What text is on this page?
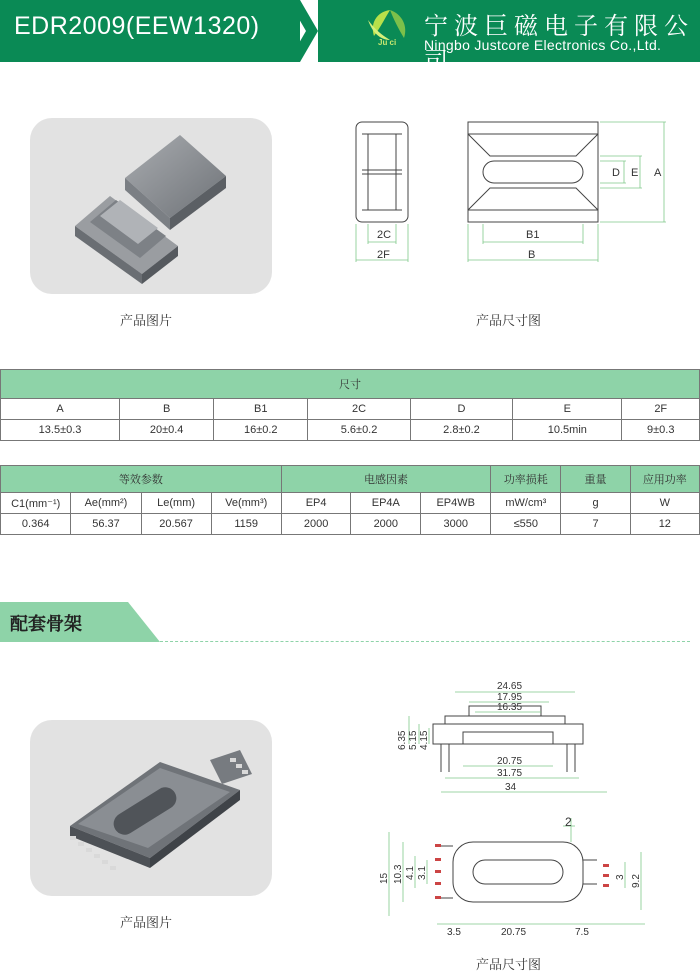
EDR2009(EEW1320)
Ju ci
宁波巨磁电子有限公司
Ningbo Justcore Electronics Co.,Ltd.
产品图片
2C
2F
B1
B
D E A
产品尺寸图
尺寸						
A	B	B1	2C	D	E	2F
13.5±0.3	20±0.4	16±0.2	5.6±0.2	2.8±0.2	10.5min	9±0.3
等效参数				电感因素			功率损耗	重量	应用功率
C1(mm⁻¹)	Ae(mm²)	Le(mm)	Ve(mm³)	EP4	EP4A	EP4WB	mW/cm³	g	W
0.364	56.37	20.567	1159	2000	2000	3000	≤550	7	12
配套骨架
产品图片
24.65
17.95
16.35
20.75
31.75
34
6.35 5.15 4.15
2
15 10.3 4.1 3.1	3 9.2
3.5	20.75	7.5
产品尺寸图
